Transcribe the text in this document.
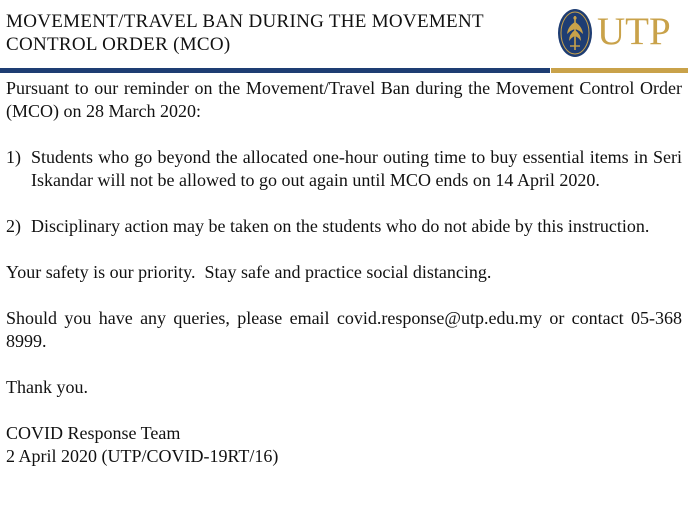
MOVEMENT/TRAVEL BAN DURING THE MOVEMENT
CONTROL ORDER (MCO)	UTP

Pursuant to our reminder on the Movement/Travel Ban during the Movement Control Order (MCO) on 28 March 2020:

1) Students who go beyond the allocated one-hour outing time to buy essential items in Seri Iskandar will not be allowed to go out again until MCO ends on 14 April 2020.
2) Disciplinary action may be taken on the students who do not abide by this instruction.

Your safety is our priority.  Stay safe and practice social distancing.

Should you have any queries, please email covid.response@utp.edu.my or contact 05-368 8999.

Thank you.

COVID Response Team

2 April 2020 (UTP/COVID-19RT/16)
